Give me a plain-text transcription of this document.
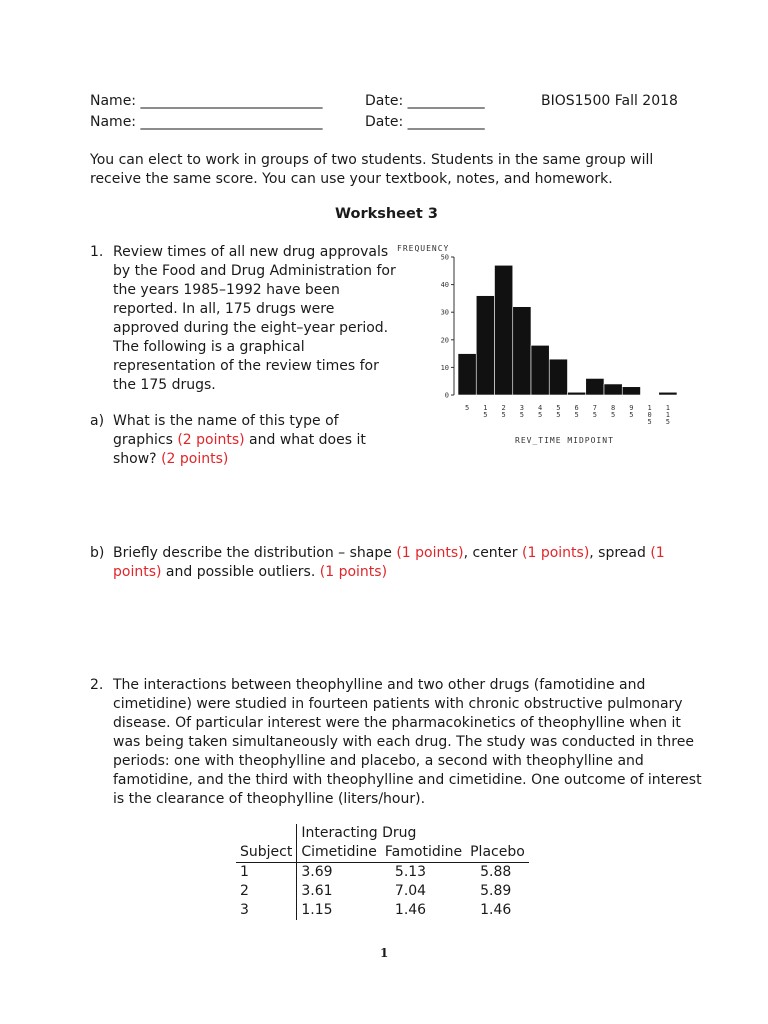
Name: __________________________	Date: ___________	BIOS1500 Fall 2018
Name: __________________________	Date: ___________
You can elect to work in groups of two students. Students in the same group will
receive the same score. You can use your textbook, notes, and homework.
Worksheet 3
1. Review times of all new drug approvals
by the Food and Drug Administration for
the years 1985–1992 have been
reported. In all, 175 drugs were
approved during the eight–year period.
The following is a graphical
representation of the review times for
the 175 drugs.
a) What is the name of this type of
graphics (2 points) and what does it
show? (2 points)
b) Briefly describe the distribution – shape (1 points), center (1 points), spread (1
points) and possible outliers. (1 points)
0
10
20
30
40
50
FREQUENCY
5 1 5
2 5
3 5
4 5
5 5
6 5
7 5
8 5
9 5
1 0 5
1 1 5
REV_TIME MIDPOINT
2. The interactions between theophylline and two other drugs (famotidine and
cimetidine) were studied in fourteen patients with chronic obstructive pulmonary
disease. Of particular interest were the pharmacokinetics of theophylline when it
was being taken simultaneously with each drug. The study was conducted in three
periods: one with theophylline and placebo, a second with theophylline and
famotidine, and the third with theophylline and cimetidine. One outcome of interest
is the clearance of theophylline (liters/hour).
	Interacting Drug		
Subject	Cimetidine	Famotidine	Placebo
1	3.69	5.13	5.88
2	3.61	7.04	5.89
3	1.15	1.46	1.46
1
